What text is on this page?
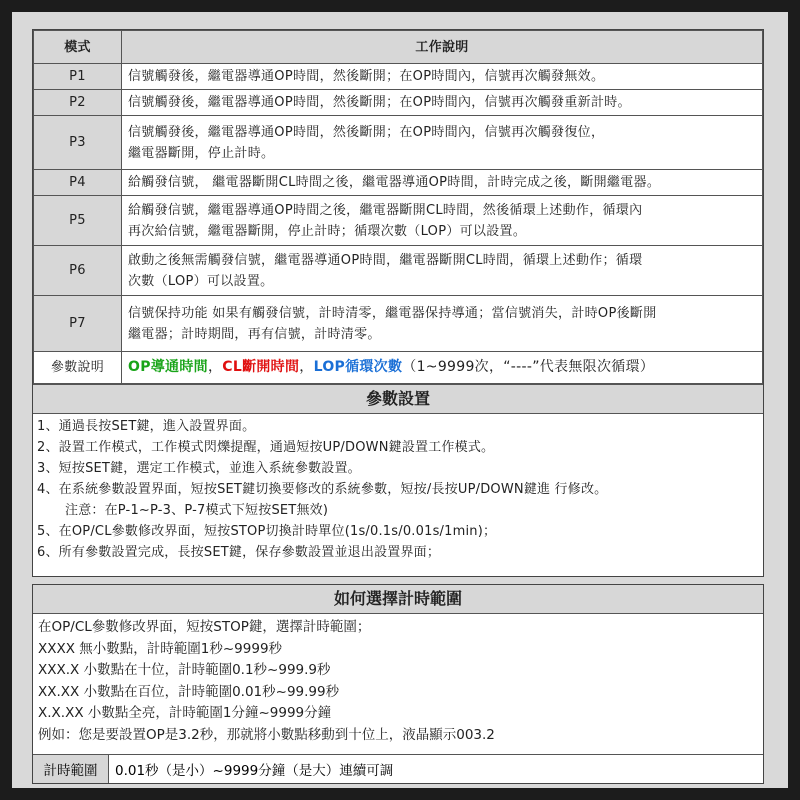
模式	工作說明
P1	信號觸發後，繼電器導通OP時間，然後斷開；在OP時間內，信號再次觸發無效。

P2	信號觸發後，繼電器導通OP時間，然後斷開；在OP時間內，信號再次觸發重新計時。

P3	信號觸發後，繼電器導通OP時間，然後斷開；在OP時間內，信號再次觸發復位，
繼電器斷開，停止計時。

P4	給觸發信號， 繼電器斷開CL時間之後，繼電器導通OP時間，計時完成之後，斷開繼電器。

P5	給觸發信號，繼電器導通OP時間之後，繼電器斷開CL時間，然後循環上述動作，循環內
再次給信號，繼電器斷開，停止計時；循環次數（LOP）可以設置。

P6	啟動之後無需觸發信號，繼電器導通OP時間，繼電器斷開CL時間，循環上述動作；循環
次數（LOP）可以設置。

P7	信號保持功能 如果有觸發信號，計時清零，繼電器保持導通；當信號消失，計時OP後斷開
繼電器；計時期間，再有信號，計時清零。

參數說明	OP導通時間，CL斷開時間，LOP循環次數（1~9999次，“----”代表無限次循環）
參數設置
1、通過長按SET鍵，進入設置界面。
2、設置工作模式，工作模式閃爍提醒，通過短按UP/DOWN鍵設置工作模式。
3、短按SET鍵，選定工作模式，並進入系統參數設置。
4、在系統參數設置界面，短按SET鍵切換要修改的系統參數，短按/長按UP/DOWN鍵進 行修改。
注意：在P-1~P-3、P-7模式下短按SET無效)
5、在OP/CL參數修改界面，短按STOP切換計時單位(1s/0.1s/0.01s/1min)；
6、所有參數設置完成，長按SET鍵，保存參數設置並退出設置界面；
如何選擇計時範圍
在OP/CL參數修改界面，短按STOP鍵，選擇計時範圍；
XXXX 無小數點，計時範圍1秒~9999秒
XXX.X 小數點在十位，計時範圍0.1秒~999.9秒
XX.XX 小數點在百位，計時範圍0.01秒~99.99秒
X.X.XX 小數點全亮，計時範圍1分鐘~9999分鐘
例如：您是要設置OP是3.2秒，那就將小數點移動到十位上，液晶顯示003.2
計時範圍	0.01秒（是小）~9999分鐘（是大）連續可調
